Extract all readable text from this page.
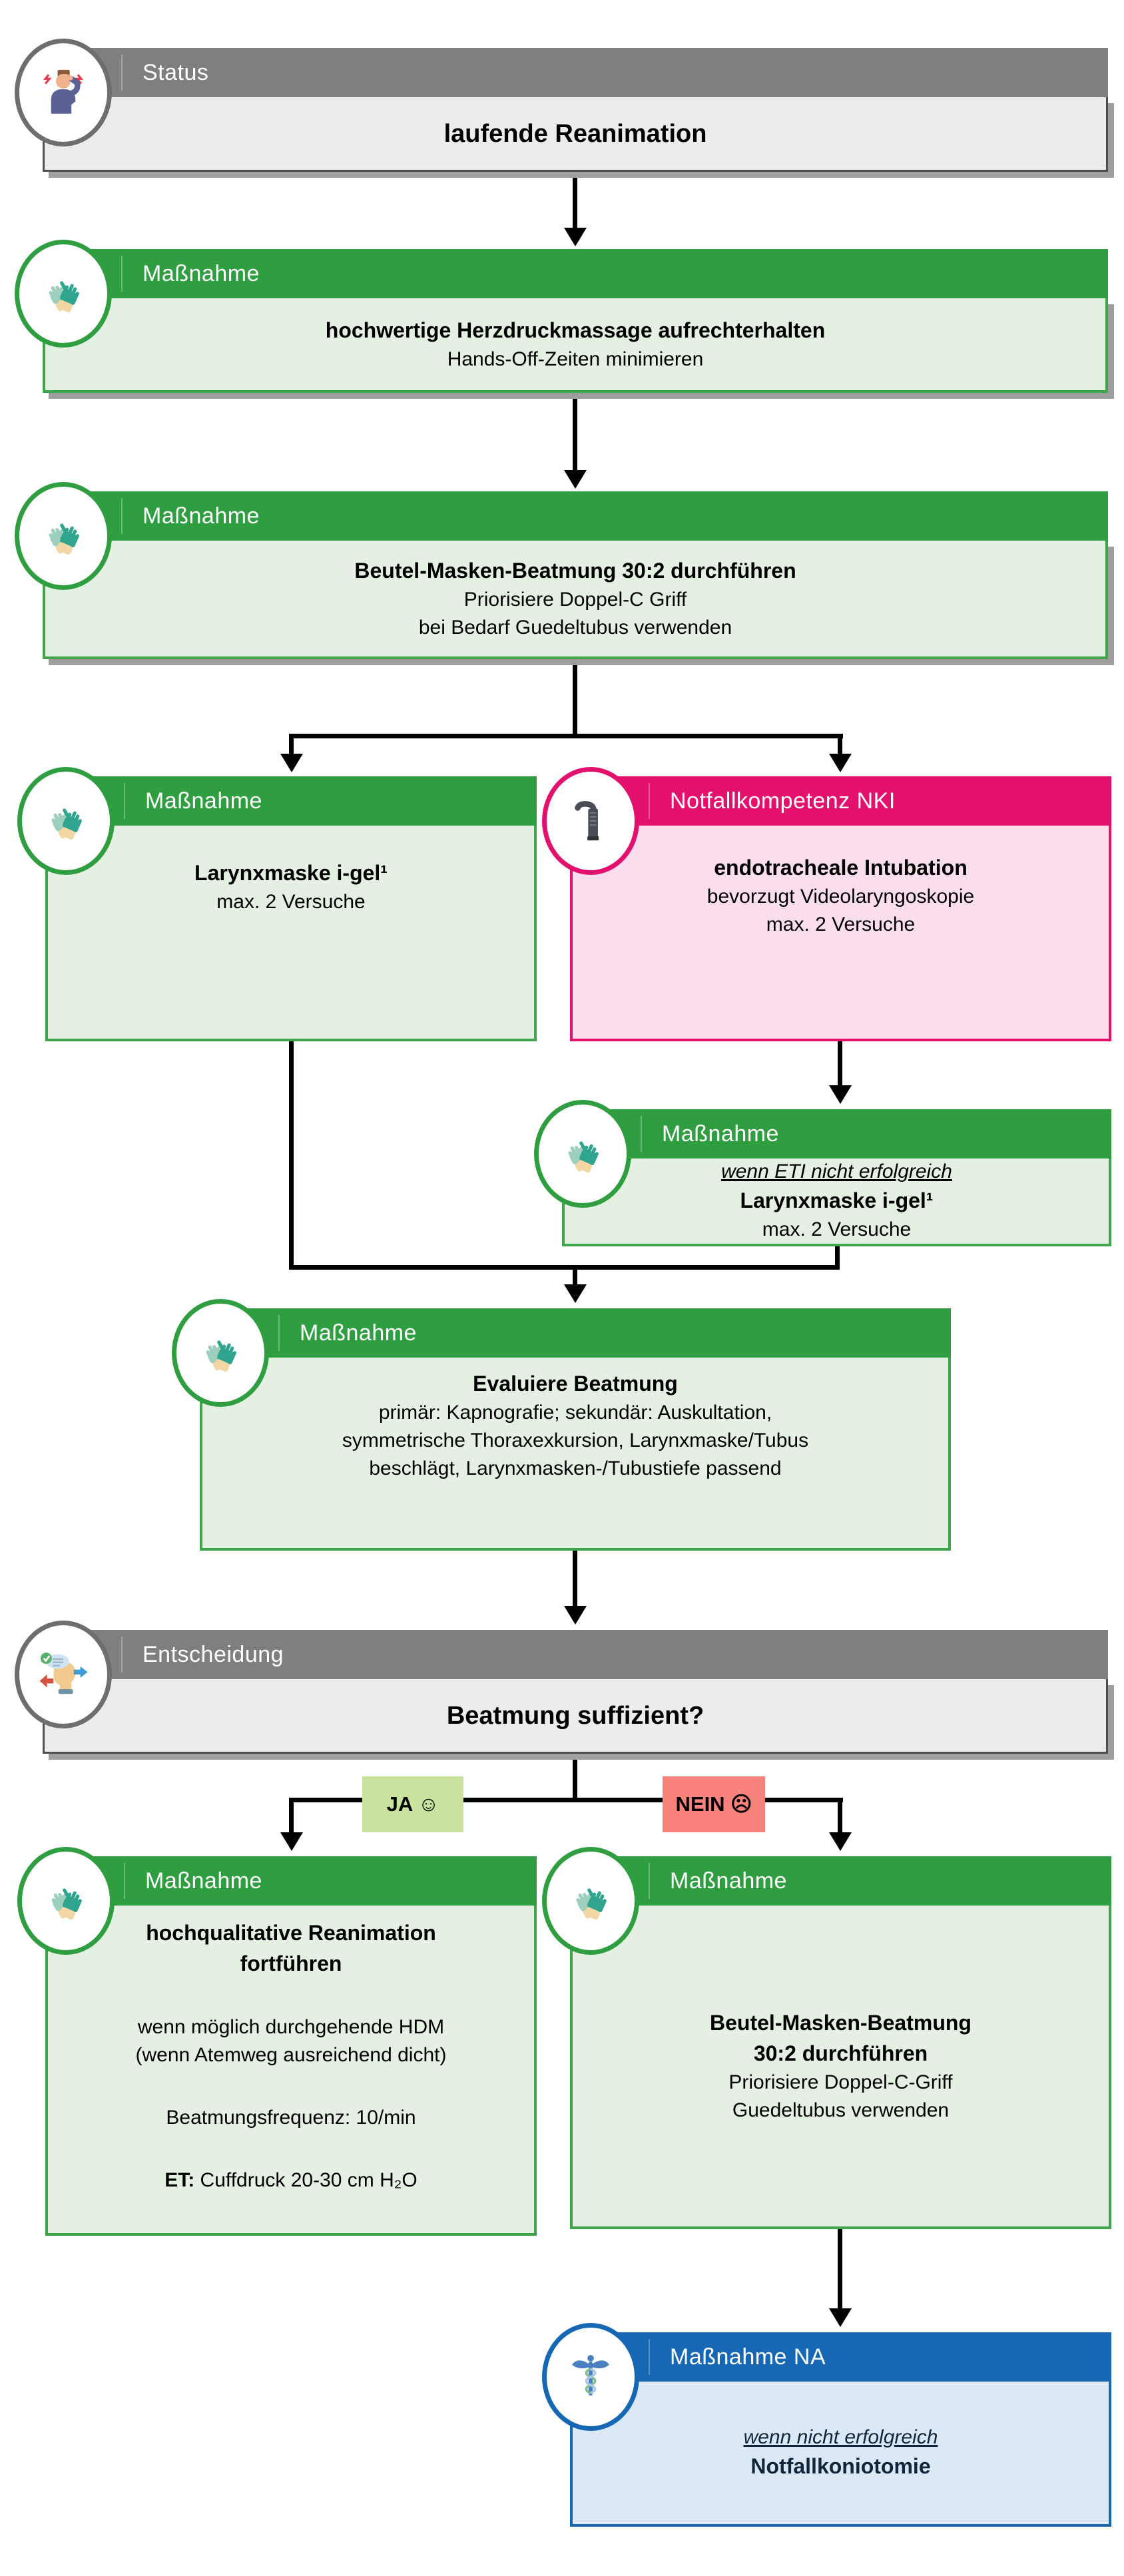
JA ☺	NEIN ☹
Status
laufende Reanimation
Maßnahme
hochwertige Herzdruckmassage aufrechterhalten
Hands-Off-Zeiten minimieren
Maßnahme
Beutel-Masken-Beatmung 30:2 durchführen
Priorisiere Doppel-C Griff
bei Bedarf Guedeltubus verwenden
Maßnahme
Larynxmaske i-gel¹
max. 2 Versuche
Notfallkompetenz NKI
endotracheale Intubation
bevorzugt Videolaryngoskopie
max. 2 Versuche
Maßnahme
wenn ETI nicht erfolgreich
Larynxmaske i-gel¹
max. 2 Versuche
Maßnahme
Evaluiere Beatmung
primär: Kapnografie; sekundär: Auskultation,
symmetrische Thoraxexkursion, Larynxmaske/Tubus
beschlägt, Larynxmasken-/Tubustiefe passend
Entscheidung
Beatmung suffizient?
Maßnahme
hochqualitative Reanimation
fortführen
wenn möglich durchgehende HDM
(wenn Atemweg ausreichend dicht)
Beatmungsfrequenz: 10/min
ET: Cuffdruck 20-30 cm H₂O
Maßnahme
Beutel-Masken-Beatmung
30:2 durchführen
Priorisiere Doppel-C-Griff
Guedeltubus verwenden
Maßnahme NA
wenn nicht erfolgreich
Notfallkoniotomie
